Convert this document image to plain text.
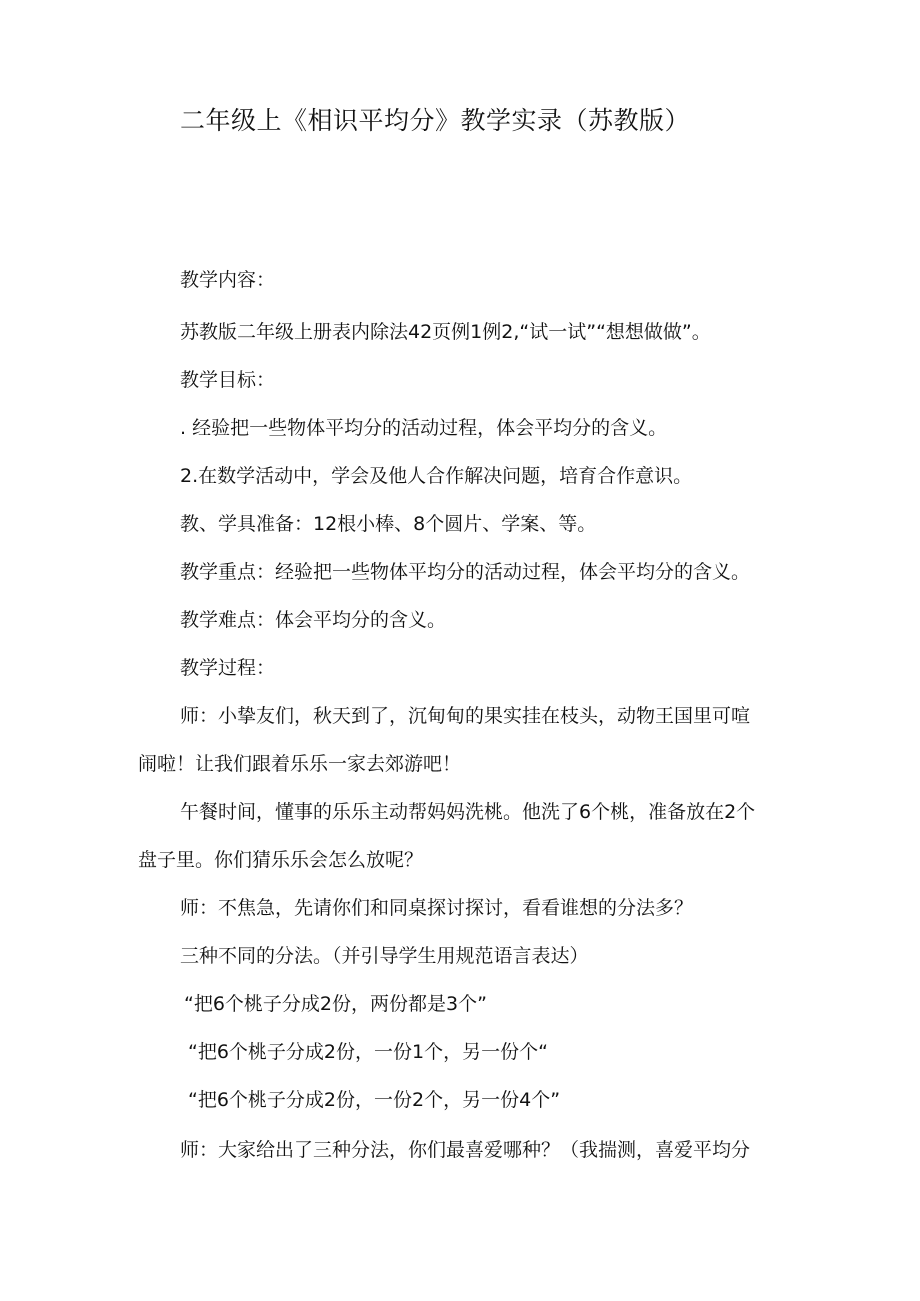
二年级上《相识平均分》教学实录（苏教版）
教学内容：
苏教版二年级上册表内除法42页例1例2,“试一试”“想想做做”。
教学目标：
. 经验把一些物体平均分的活动过程，体会平均分的含义。
2.在数学活动中，学会及他人合作解决问题，培育合作意识。
教、学具准备：12根小棒、8个圆片、学案、等。
教学重点：经验把一些物体平均分的活动过程，体会平均分的含义。
教学难点：体会平均分的含义。
教学过程：
师：小挚友们，秋天到了，沉甸甸的果实挂在枝头，动物王国里可喧
闹啦！让我们跟着乐乐一家去郊游吧！
午餐时间，懂事的乐乐主动帮妈妈洗桃。他洗了6个桃，准备放在2个
盘子里。你们猜乐乐会怎么放呢？
师：不焦急，先请你们和同桌探讨探讨，看看谁想的分法多？
三种不同的分法。（并引导学生用规范语言表达）
“把6个桃子分成2份，两份都是3个”
“把6个桃子分成2份，一份1个，另一份个“
“把6个桃子分成2份，一份2个，另一份4个”
师：大家给出了三种分法，你们最喜爱哪种？（我揣测，喜爱平均分
